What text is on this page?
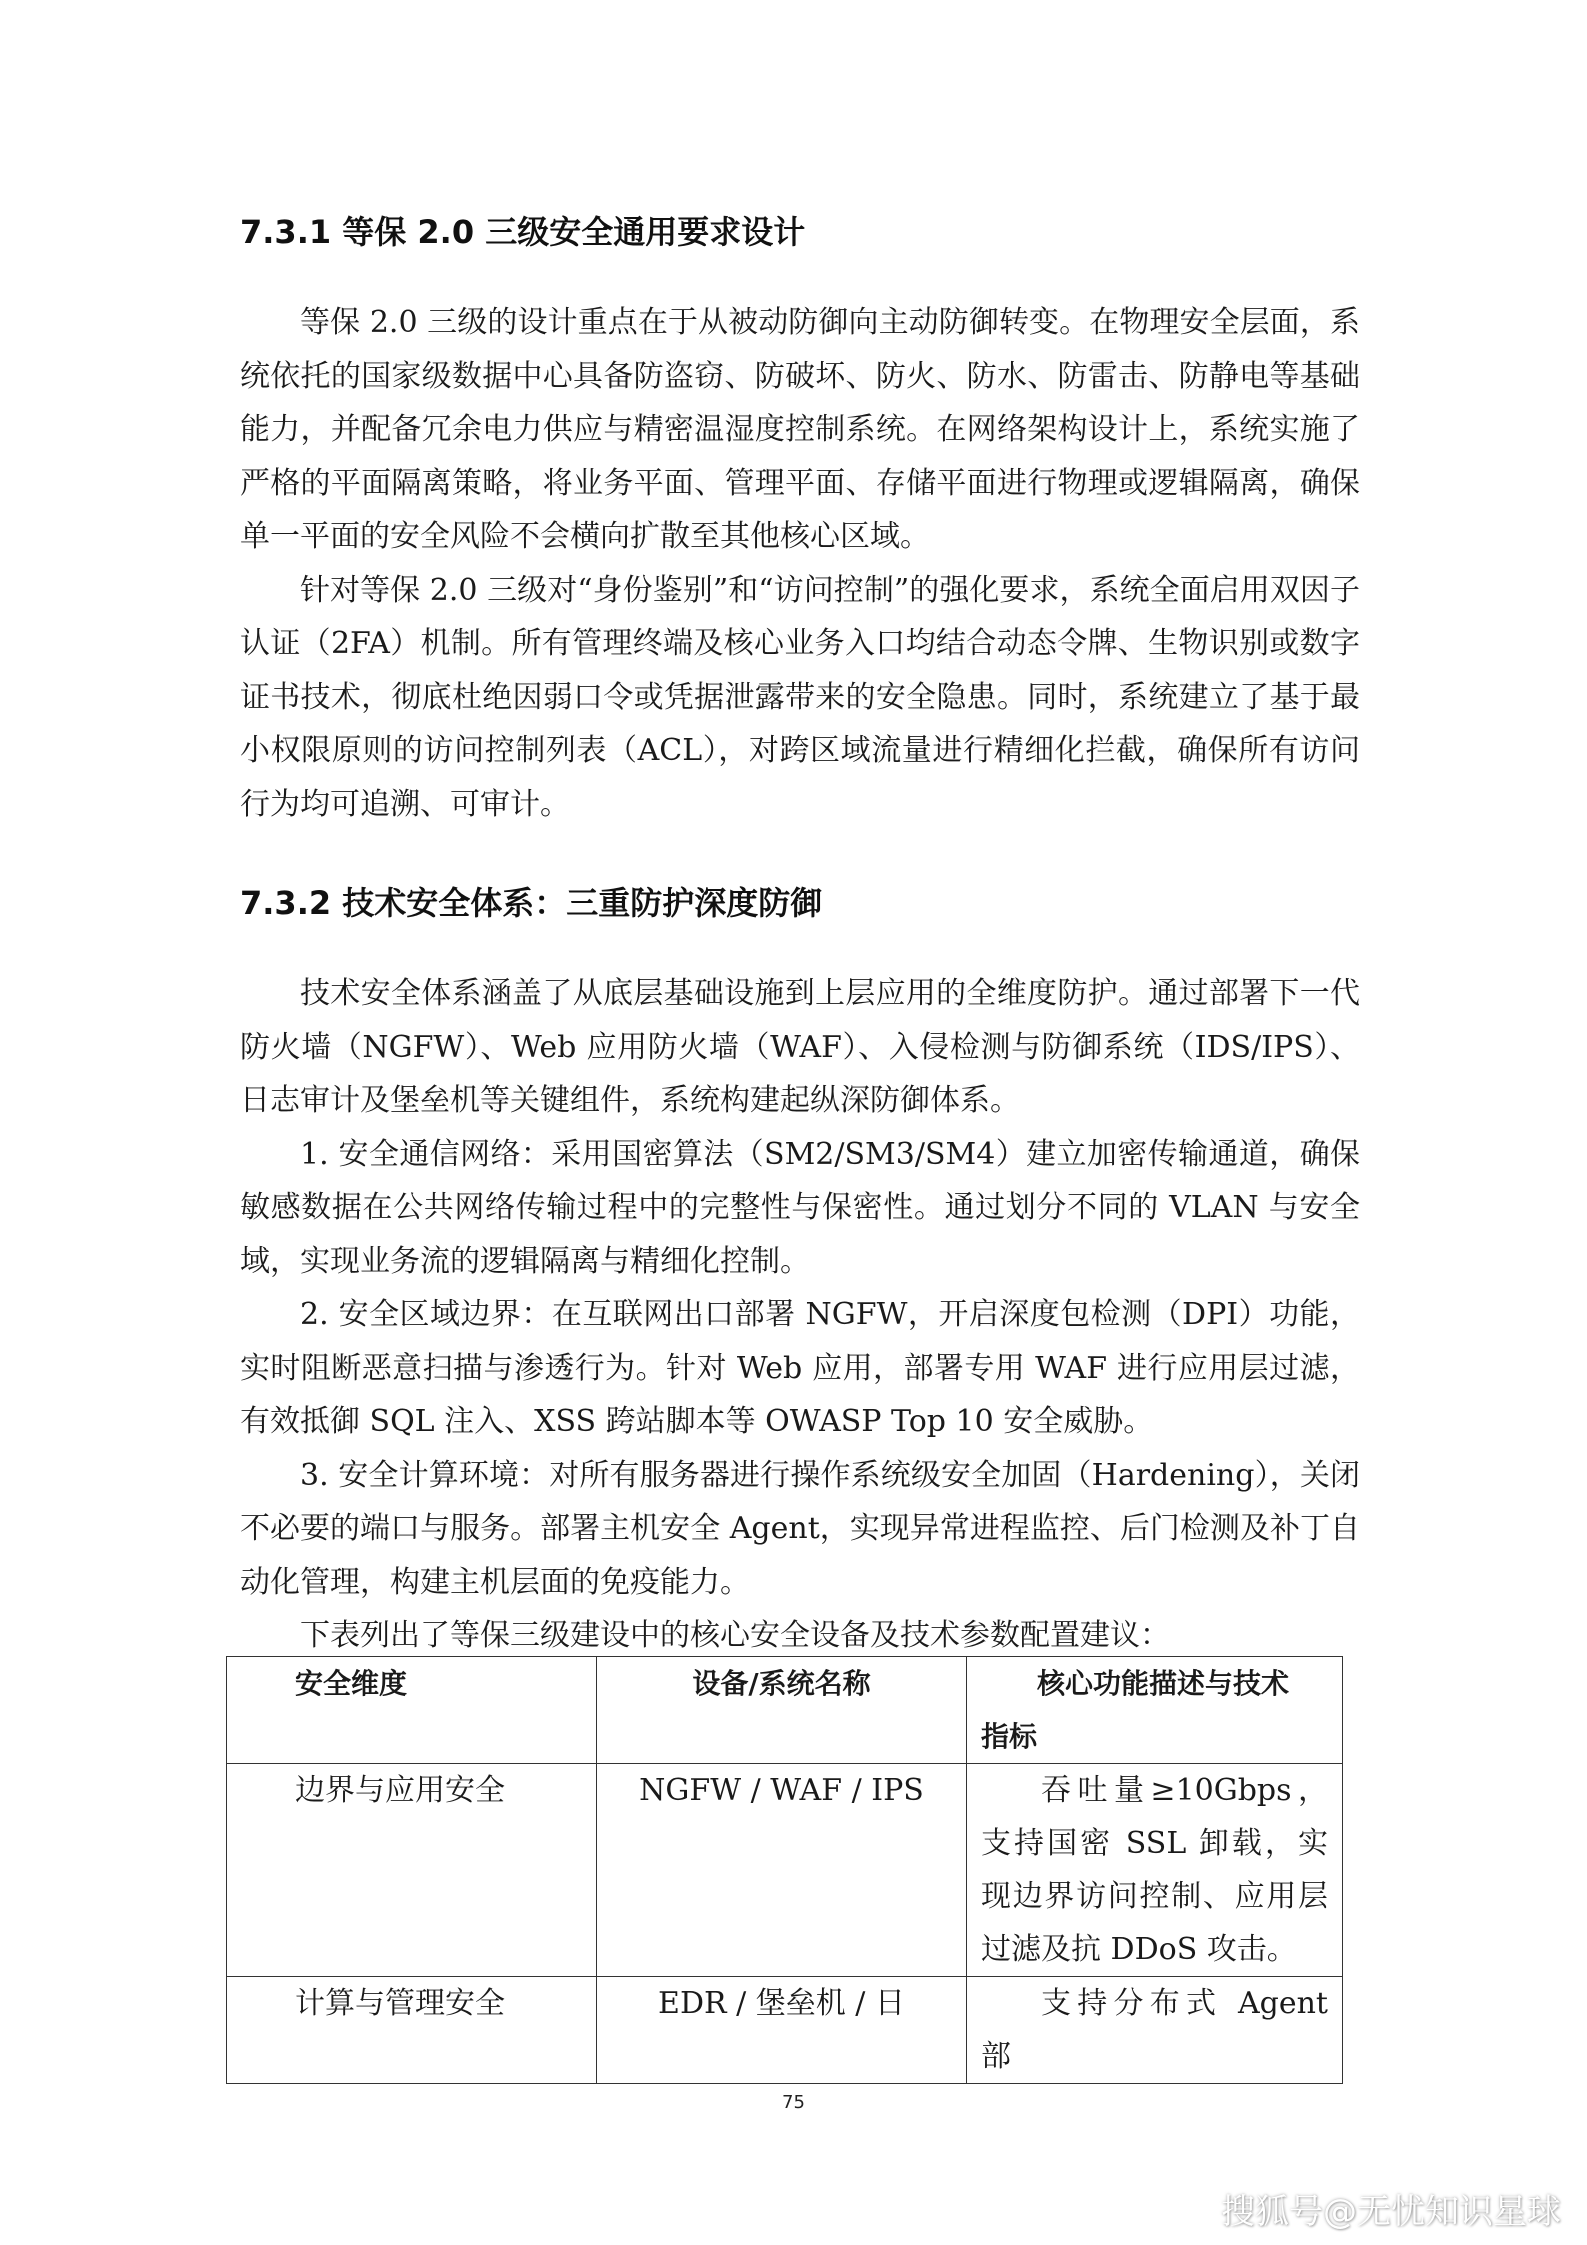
7.3.1 等保 2.0 三级安全通用要求设计

等保 2.0 三级的设计重点在于从被动防御向主动防御转变。在物理安全层面，系统依托的国家级数据中心具备防盗窃、防破坏、防火、防水、防雷击、防静电等基础能力，并配备冗余电力供应与精密温湿度控制系统。在网络架构设计上，系统实施了严格的平面隔离策略，将业务平面、管理平面、存储平面进行物理或逻辑隔离，确保单一平面的安全风险不会横向扩散至其他核心区域。

针对等保 2.0 三级对“身份鉴别”和“访问控制”的强化要求，系统全面启用双因子认证（2FA）机制。所有管理终端及核心业务入口均结合动态令牌、生物识别或数字证书技术，彻底杜绝因弱口令或凭据泄露带来的安全隐患。同时，系统建立了基于最小权限原则的访问控制列表（ACL），对跨区域流量进行精细化拦截，确保所有访问行为均可追溯、可审计。

7.3.2 技术安全体系：三重防护深度防御

技术安全体系涵盖了从底层基础设施到上层应用的全维度防护。通过部署下一代防火墙（NGFW）、Web 应用防火墙（WAF）、入侵检测与防御系统（IDS/IPS）、日志审计及堡垒机等关键组件，系统构建起纵深防御体系。

1. 安全通信网络：采用国密算法（SM2/SM3/SM4）建立加密传输通道，确保敏感数据在公共网络传输过程中的完整性与保密性。通过划分不同的 VLAN 与安全域，实现业务流的逻辑隔离与精细化控制。

2. 安全区域边界：在互联网出口部署 NGFW，开启深度包检测（DPI）功能，实时阻断恶意扫描与渗透行为。针对 Web 应用，部署专用 WAF 进行应用层过滤，有效抵御 SQL 注入、XSS 跨站脚本等 OWASP Top 10 安全威胁。

3. 安全计算环境：对所有服务器进行操作系统级安全加固（Hardening），关闭不必要的端口与服务。部署主机安全 Agent，实现异常进程监控、后门检测及补丁自动化管理，构建主机层面的免疫能力。

下表列出了等保三级建设中的核心安全设备及技术参数配置建议：

安全维度	设备/系统名称	核心功能描述与技术
指标
边界与应用安全	NGFW / WAF / IPS	吞吐量≥10Gbps，支持国密 SSL 卸载，实现边界访问控制、应用层过滤及抗 DDoS 攻击。

计算与管理安全	EDR / 堡垒机 / 日	支持分布式 Agent 部

75
搜狐号@无忧知识星球
